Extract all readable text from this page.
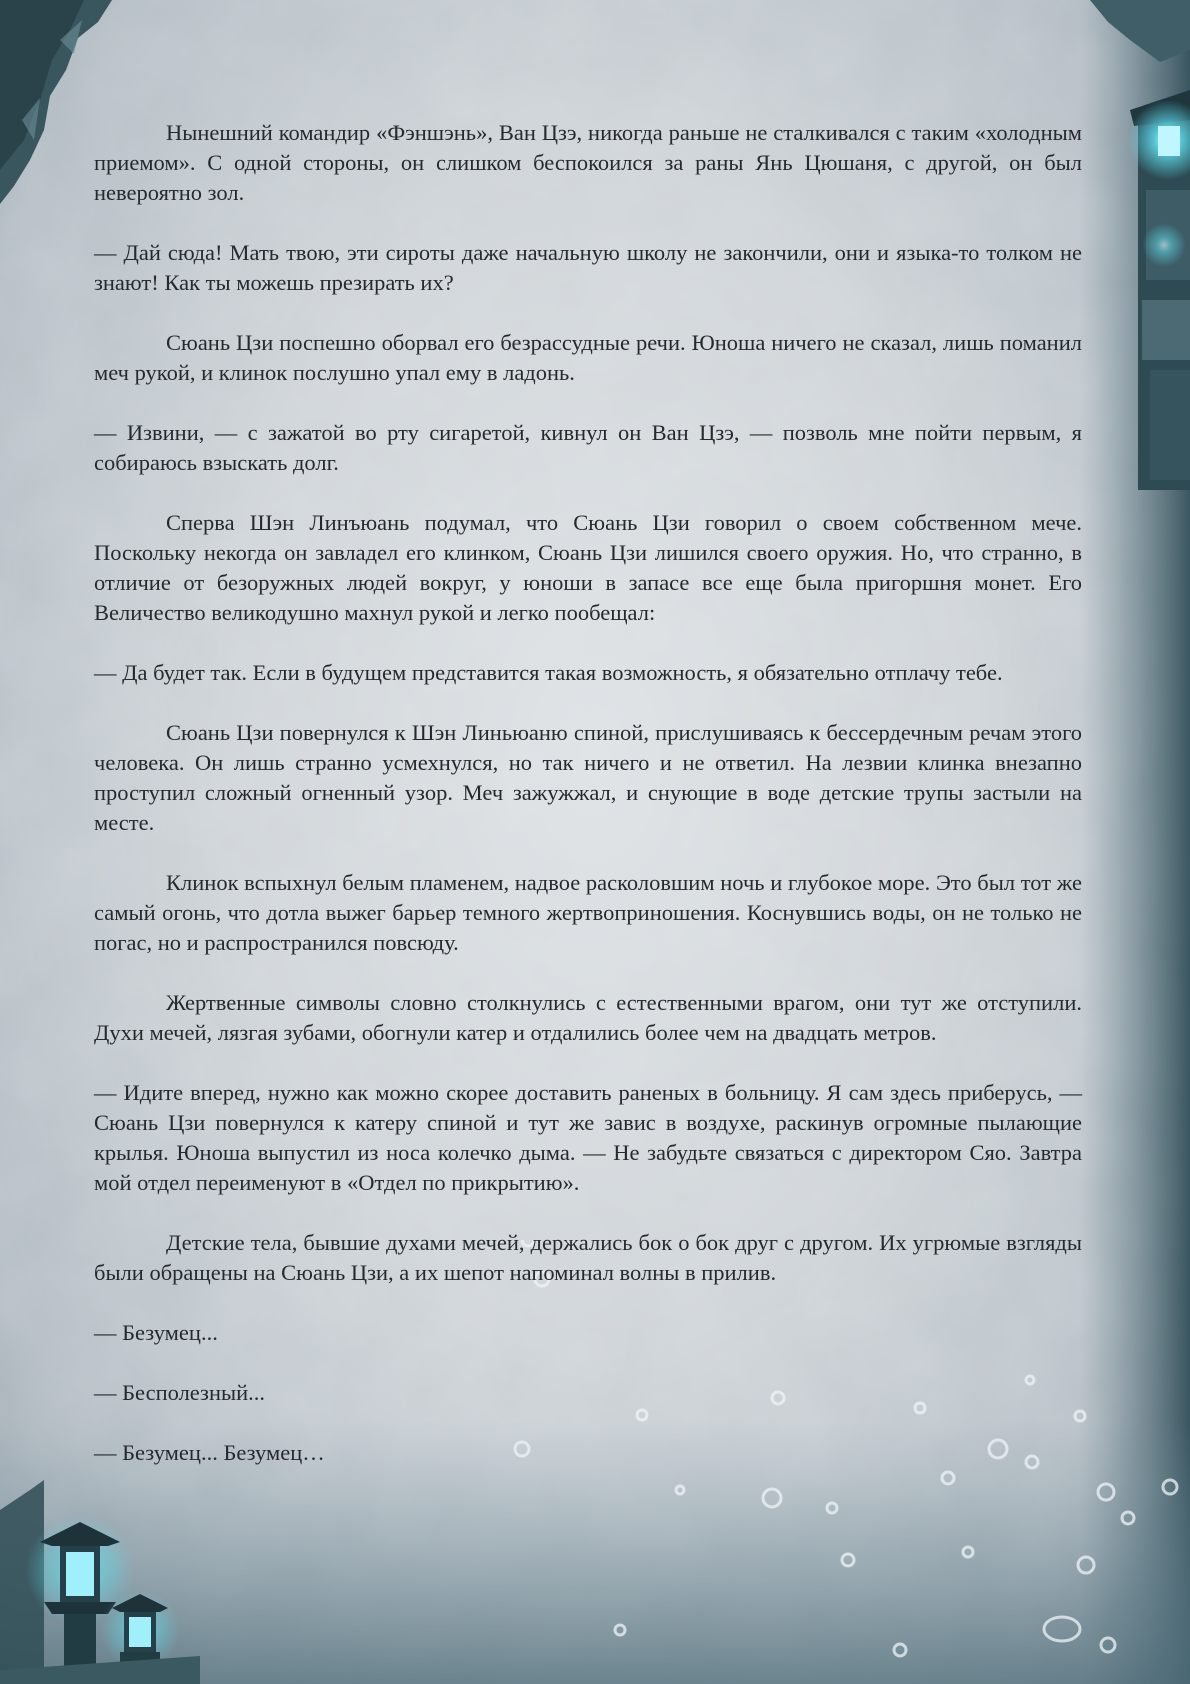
Нынешний командир «Фэншэнь», Ван Цзэ, никогда раньше не сталкивался с таким «холодным приемом». С одной стороны, он слишком беспокоился за раны Янь Цюшаня, с другой, он был невероятно зол.

— Дай сюда! Мать твою, эти сироты даже начальную школу не закончили, они и языка-то толком не знают! Как ты можешь презирать их?

Сюань Цзи поспешно оборвал его безрассудные речи. Юноша ничего не сказал, лишь поманил меч рукой, и клинок послушно упал ему в ладонь.

— Извини, — с зажатой во рту сигаретой, кивнул он Ван Цзэ, — позволь мне пойти первым, я собираюсь взыскать долг.

Сперва Шэн Линъюань подумал, что Сюань Цзи говорил о своем собственном мече. Поскольку некогда он завладел его клинком, Сюань Цзи лишился своего оружия. Но, что странно, в отличие от безоружных людей вокруг, у юноши в запасе все еще была пригоршня монет. Его Величество великодушно махнул рукой и легко пообещал:

— Да будет так. Если в будущем представится такая возможность, я обязательно отплачу тебе.

Сюань Цзи повернулся к Шэн Линьюаню спиной, прислушиваясь к бессердечным речам этого человека. Он лишь странно усмехнулся, но так ничего и не ответил. На лезвии клинка внезапно проступил сложный огненный узор. Меч зажужжал, и снующие в воде детские трупы застыли на месте.

Клинок вспыхнул белым пламенем, надвое расколовшим ночь и глубокое море. Это был тот же самый огонь, что дотла выжег барьер темного жертвоприношения. Коснувшись воды, он не только не погас, но и распространился повсюду.

Жертвенные символы словно столкнулись с естественными врагом, они тут же отступили. Духи мечей, лязгая зубами, обогнули катер и отдалились более чем на двадцать метров.

— Идите вперед, нужно как можно скорее доставить раненых в больницу. Я сам здесь приберусь, — Сюань Цзи повернулся к катеру спиной и тут же завис в воздухе, раскинув огромные пылающие крылья. Юноша выпустил из носа колечко дыма. — Не забудьте связаться с директором Сяо. Завтра мой отдел переименуют в «Отдел по прикрытию».

Детские тела, бывшие духами мечей, держались бок о бок друг с другом. Их угрюмые взгляды были обращены на Сюань Цзи, а их шепот напоминал волны в прилив.

— Безумец...

— Бесполезный...

— Безумец... Безумец…
